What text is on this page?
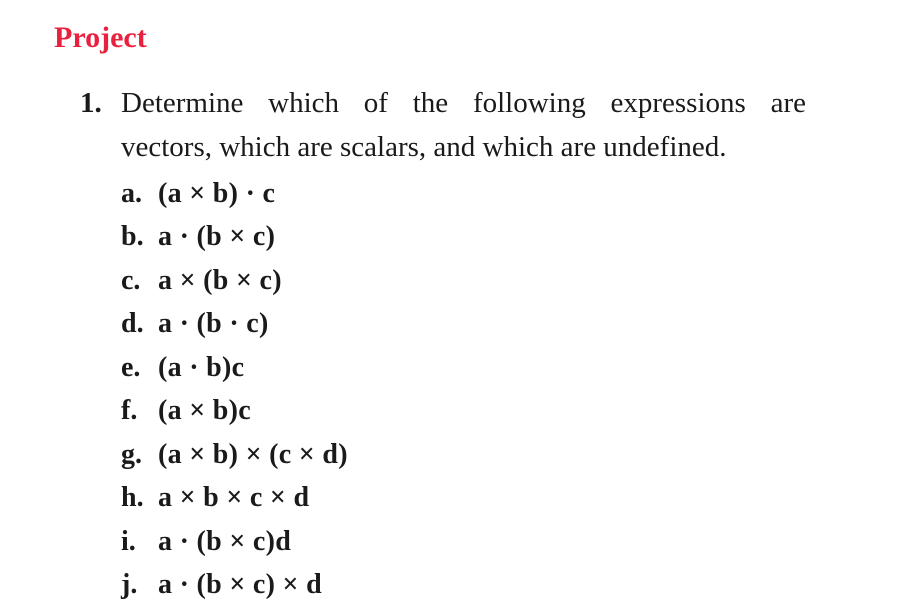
Project
1. Determine which of the following expressions are
vectors, which are scalars, and which are undefined.
a. (a × b) · c
b. a · (b × c)
c. a × (b × c)
d. a · (b · c)
e. (a · b)c
f. (a × b)c
g. (a × b) × (c × d)
h. a × b × c × d
i. a · (b × c)d
j. a · (b × c) × d
